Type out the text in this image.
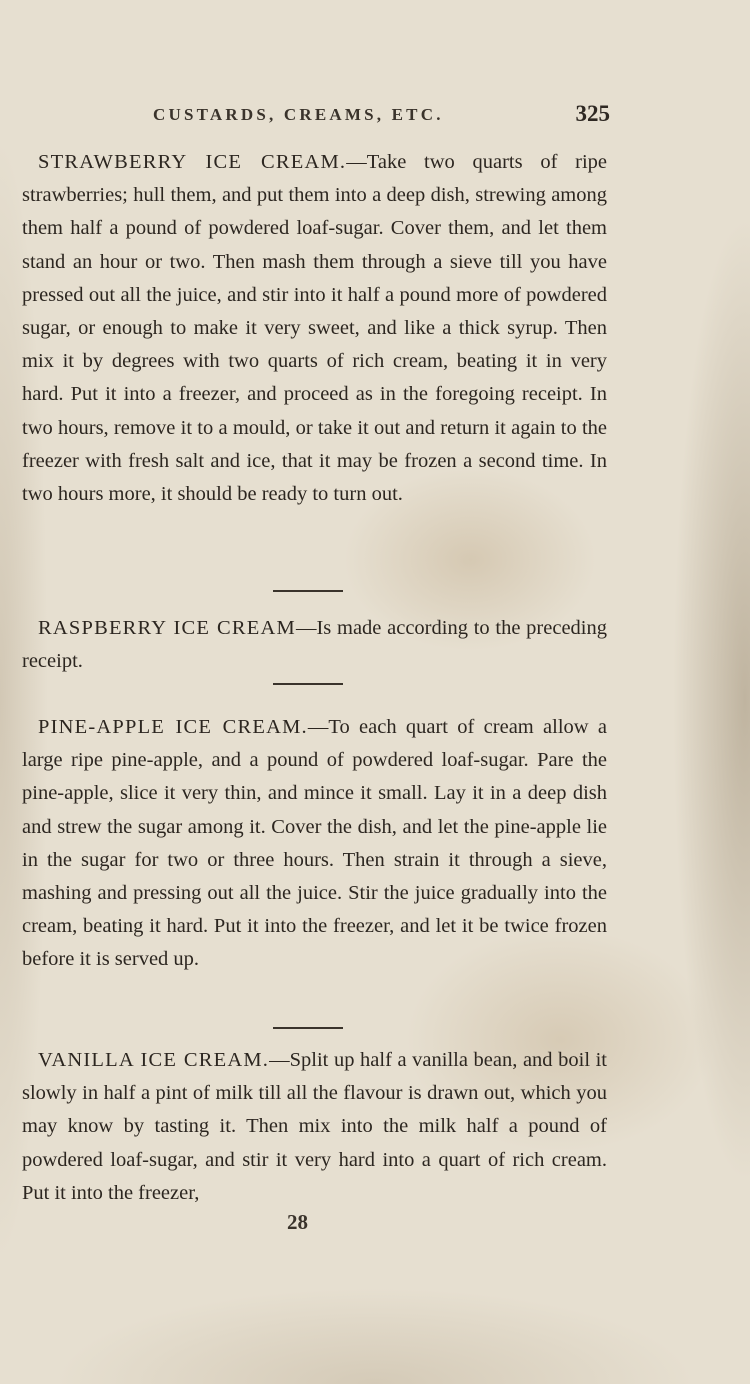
CUSTARDS, CREAMS, ETC.	325

STRAWBERRY ICE CREAM.—Take two quarts of ripe strawberries; hull them, and put them into a deep dish, strewing among them half a pound of powdered loaf-sugar. Cover them, and let them stand an hour or two. Then mash them through a sieve till you have pressed out all the juice, and stir into it half a pound more of powdered sugar, or enough to make it very sweet, and like a thick syrup. Then mix it by degrees with two quarts of rich cream, beating it in very hard. Put it into a freezer, and proceed as in the foregoing receipt. In two hours, remove it to a mould, or take it out and return it again to the freezer with fresh salt and ice, that it may be frozen a second time. In two hours more, it should be ready to turn out.

RASPBERRY ICE CREAM—Is made according to the preceding receipt.

PINE-APPLE ICE CREAM.—To each quart of cream allow a large ripe pine-apple, and a pound of powdered loaf-sugar. Pare the pine-apple, slice it very thin, and mince it small. Lay it in a deep dish and strew the sugar among it. Cover the dish, and let the pine-apple lie in the sugar for two or three hours. Then strain it through a sieve, mashing and pressing out all the juice. Stir the juice gradually into the cream, beating it hard. Put it into the freezer, and let it be twice frozen before it is served up.

VANILLA ICE CREAM.—Split up half a vanilla bean, and boil it slowly in half a pint of milk till all the flavour is drawn out, which you may know by tasting it. Then mix into the milk half a pound of powdered loaf-sugar, and stir it very hard into a quart of rich cream. Put it into the freezer,

28
